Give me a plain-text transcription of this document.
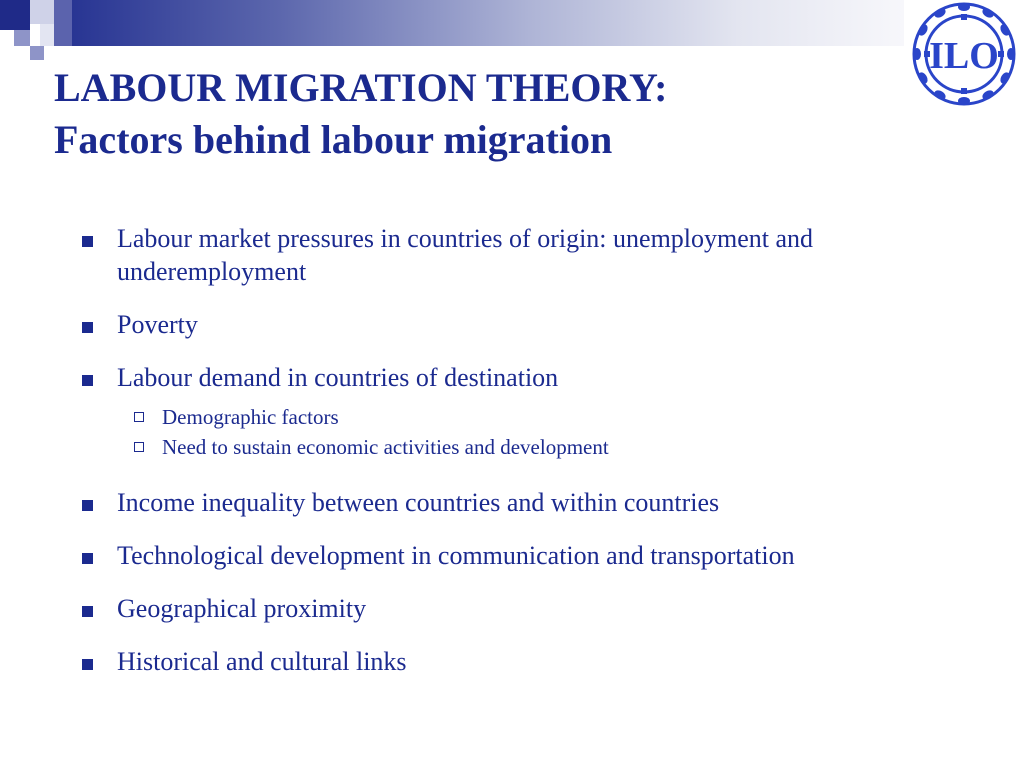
ILO
LABOUR MIGRATION THEORY:
Factors behind labour migration
Labour market pressures in countries of origin: unemployment and underemployment
Poverty
Labour demand in countries of destination
Demographic factors
Need to sustain economic activities and development
Income inequality between countries and within countries
Technological development in communication and transportation
Geographical proximity
Historical and cultural links
